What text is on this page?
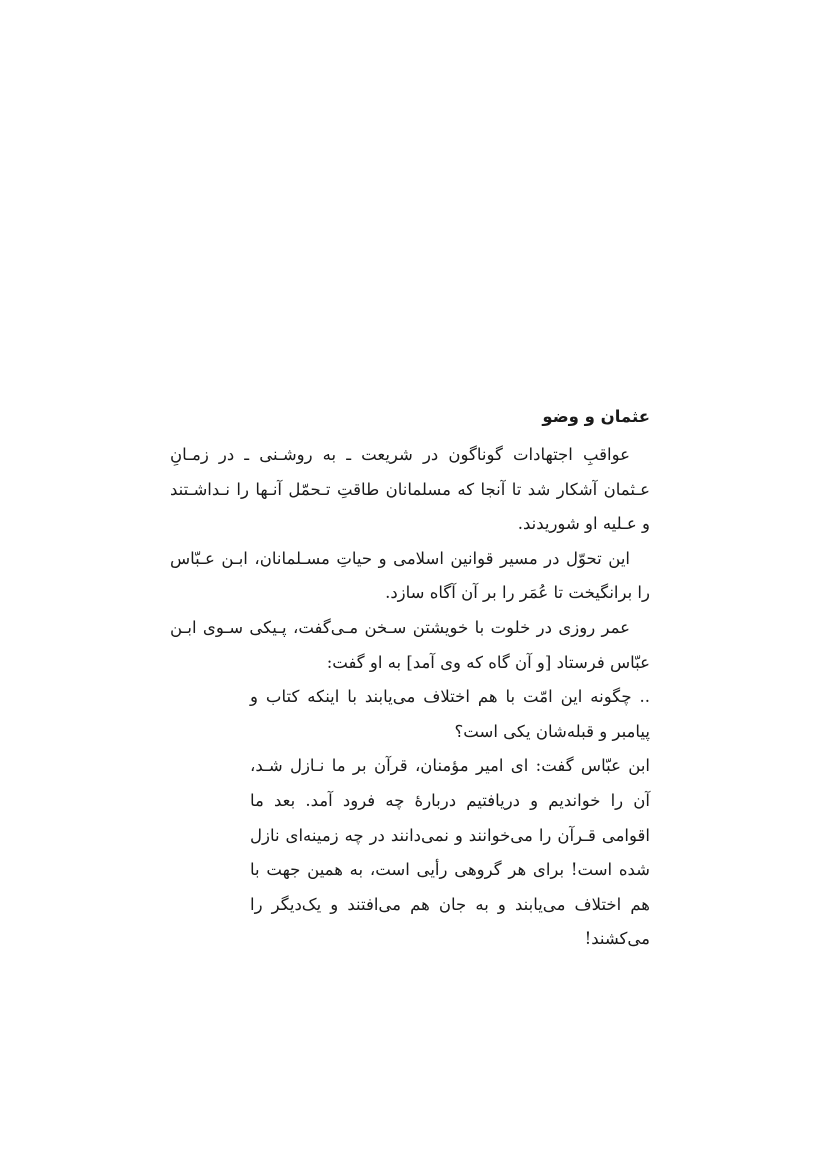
عثمان و وضو

عواقبِ اجتهادات گوناگون در شریعت ـ به روشـنی ـ در زمـانِ عـثمان آشکار شد تا آنجا که مسلمانان طاقتِ تـحمّل آنـها را نـداشـتند و عـلیه او شوریدند.

این تحوّل در مسیر قوانین اسلامی و حیاتِ مسـلمانان، ابـن عـبّاس را برانگیخت تا عُمَر را بر آن آگاه سازد.

عمر روزی در خلوت با خویشتن سـخن مـی‌گفت، پـیکی سـوی ابـن عبّاس فرستاد [و آن گاه که وی آمد] به او گفت:

.. چگونه این امّت با هم اختلاف می‌یابند با اینکه کتاب و پیامبر و قبله‌شان یکی است؟

ابن عبّاس گفت: ای امیر مؤمنان، قرآن بر ما نـازل شـد، آن را خواندیم و دریافتیم دربارهٔ چه فرود آمد. بعد ما اقوامی قـرآن را می‌خوانند و نمی‌دانند در چه زمینه‌ای نازل شده است! برای هر گروهی رأیی است، به همین جهت با هم اختلاف می‌یابند و به جان هم می‌افتند و یک‌دیگر را می‌کشند!
